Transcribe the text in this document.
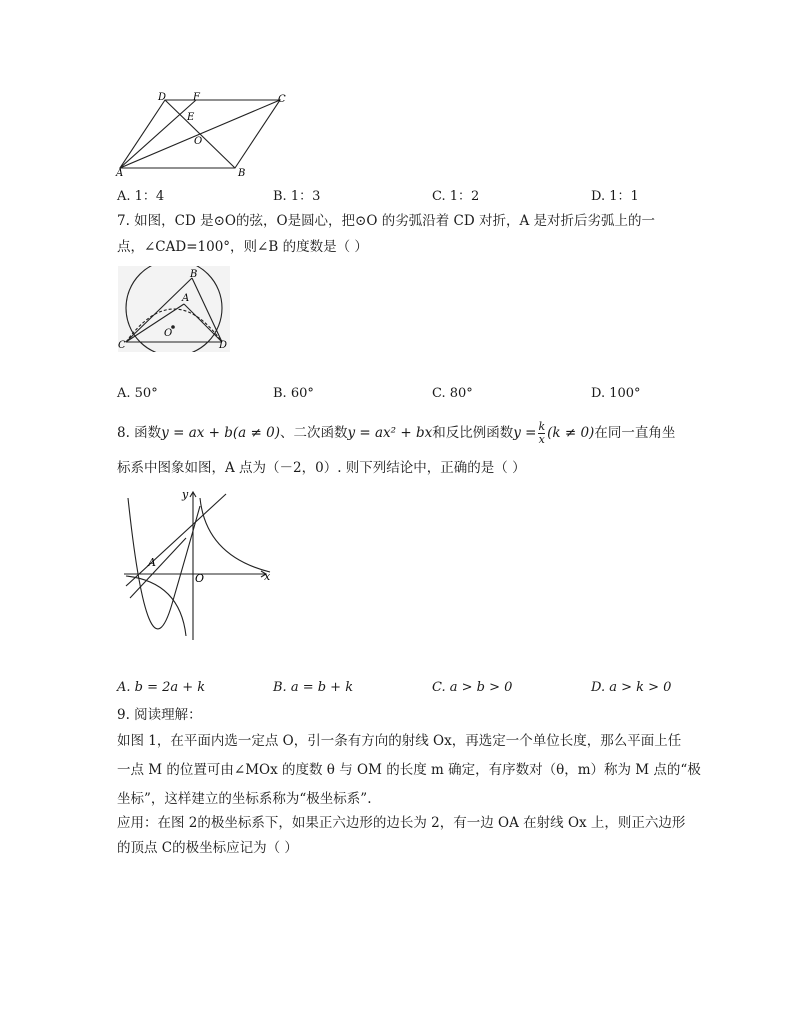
D	F	C
E
O
A	B
A. 1：4	B. 1：3	C. 1：2	D. 1：1
7. 如图，CD 是⊙O的弦，O是圆心，把⊙O 的劣弧沿着 CD 对折，A 是对折后劣弧上的一
点，∠CAD=100°，则∠B 的度数是（ ）
B
A
O
C	D
A. 50°	B. 60°	C. 80°	D. 100°
8. 函数y = ax + b(a ≠ 0)、二次函数y = ax² + bx和反比例函数$y = \frac{k}{x} (k \ne 0)$在同一直角坐
标系中图象如图，A 点为（－2，0）. 则下列结论中，正确的是（ ）
y
A
O	x
A. b = 2a + k	B. a = b + k	C. a > b > 0	D. a > k > 0
9. 阅读理解：
如图 1，在平面内选一定点 O，引一条有方向的射线 Ox，再选定一个单位长度，那么平面上任
一点 M 的位置可由∠MOx 的度数 θ 与 OM 的长度 m 确定，有序数对（θ，m）称为 M 点的“极
坐标”，这样建立的坐标系称为“极坐标系”.
应用：在图 2的极坐标系下，如果正六边形的边长为 2，有一边 OA 在射线 Ox 上，则正六边形
的顶点 C的极坐标应记为（ ）
